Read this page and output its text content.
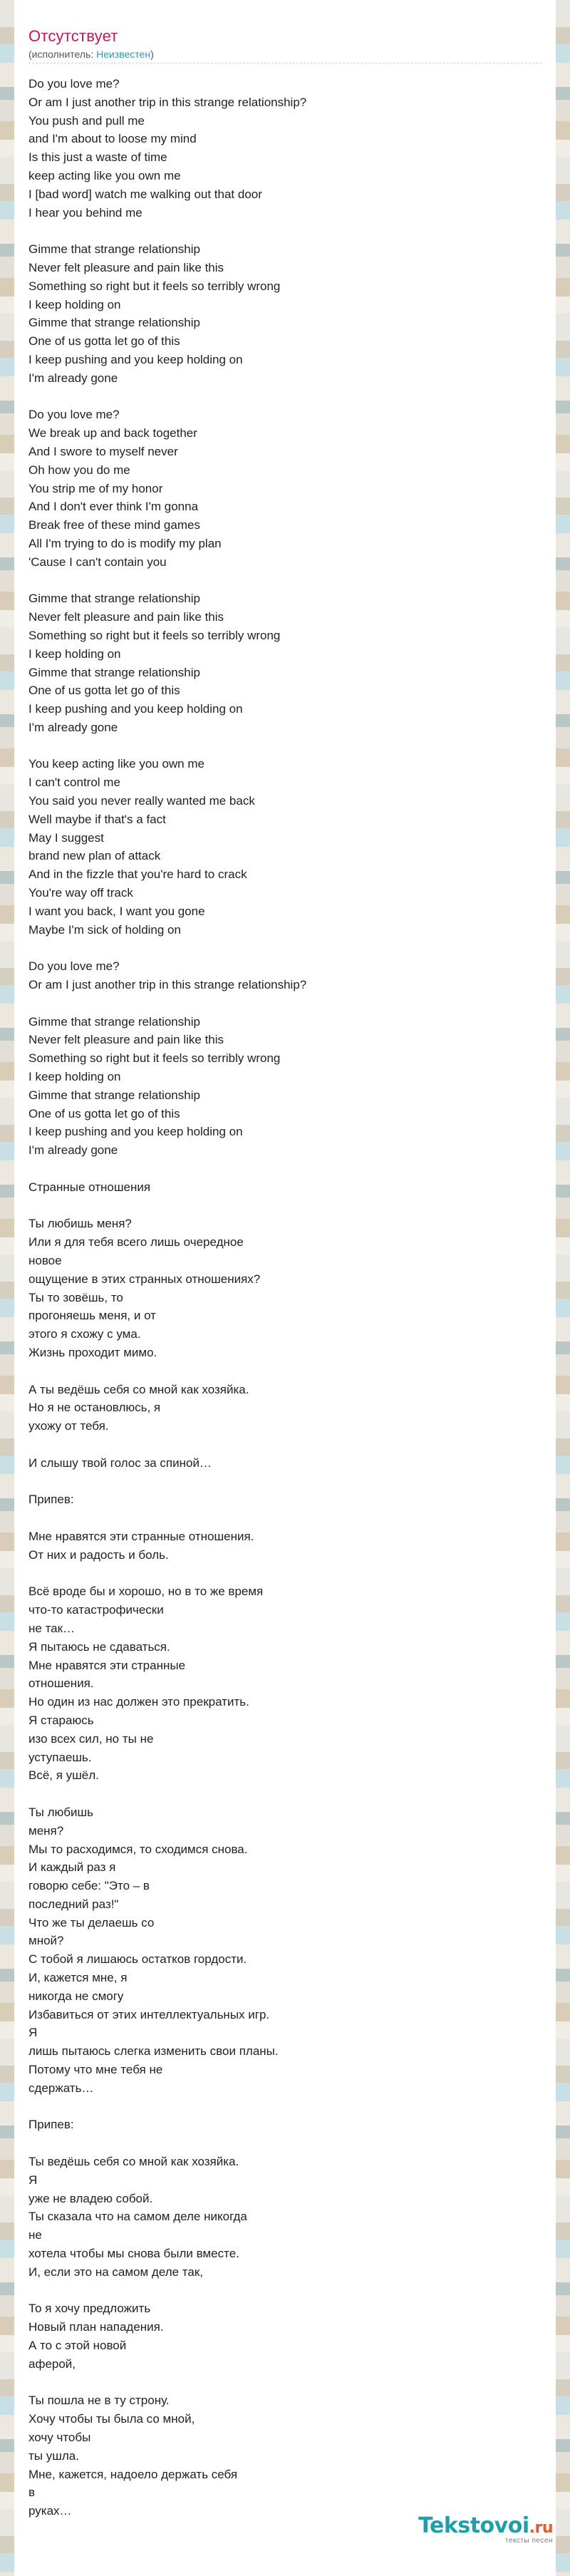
Отсутствует

(исполнитель: Неизвестен)

Do you love me?
Or am I just another trip in this strange relationship?
You push and pull me
and I'm about to loose my mind
Is this just a waste of time
keep acting like you own me
I [bad word] watch me walking out that door
I hear you behind me

Gimme that strange relationship
Never felt pleasure and pain like this
Something so right but it feels so terribly wrong
I keep holding on
Gimme that strange relationship
One of us gotta let go of this
I keep pushing and you keep holding on
I'm already gone

Do you love me?
We break up and back together
And I swore to myself never
Oh how you do me
You strip me of my honor
And I don't ever think I'm gonna
Break free of these mind games
All I'm trying to do is modify my plan
'Cause I can't contain you

Gimme that strange relationship
Never felt pleasure and pain like this
Something so right but it feels so terribly wrong
I keep holding on
Gimme that strange relationship
One of us gotta let go of this
I keep pushing and you keep holding on
I'm already gone

You keep acting like you own me
I can't control me
You said you never really wanted me back
Well maybe if that's a fact
May I suggest
brand new plan of attack
And in the fizzle that you're hard to crack
You're way off track
I want you back, I want you gone
Maybe I'm sick of holding on

Do you love me?
Or am I just another trip in this strange relationship?

Gimme that strange relationship
Never felt pleasure and pain like this
Something so right but it feels so terribly wrong
I keep holding on
Gimme that strange relationship
One of us gotta let go of this
I keep pushing and you keep holding on
I'm already gone

Странные отношения

Ты любишь меня?
Или я для тебя всего лишь очередное
новое
ощущение в этих странных отношениях?
Ты то зовёшь, то
прогоняешь меня, и от
этого я схожу с ума.
Жизнь проходит мимо.

А ты ведёшь себя со мной как хозяйка.
Но я не остановлюсь, я
ухожу от тебя.

И слышу твой голос за спиной…

Припев:

Мне нравятся эти странные отношения.
От них и радость и боль.

Всё вроде бы и хорошо, но в то же время
что-то катастрофически
не так…
Я пытаюсь не сдаваться.
Мне нравятся эти странные
отношения.
Но один из нас должен это прекратить.
Я стараюсь
изо всех сил, но ты не
уступаешь.
Всё, я ушёл.

Ты любишь
меня?
Мы то расходимся, то сходимся снова.
И каждый раз я
говорю себе: "Это – в
последний раз!"
Что же ты делаешь со
мной?
С тобой я лишаюсь остатков гордости.
И, кажется мне, я
никогда не смогу
Избавиться от этих интеллектуальных игр.
Я
лишь пытаюсь слегка изменить свои планы.
Потому что мне тебя не
сдержать…

Припев:

Ты ведёшь себя со мной как хозяйка.
Я
уже не владею собой.
Ты сказала что на самом деле никогда
не
хотела чтобы мы снова были вместе.
И, если это на самом деле так,

То я хочу предложить
Новый план нападения.
А то с этой новой
аферой,

Ты пошла не в ту строну.
Хочу чтобы ты была со мной,
хочу чтобы
ты ушла.
Мне, кажется, надоело держать себя
в
руках…
Tekstovoi.ru
тексты песен
